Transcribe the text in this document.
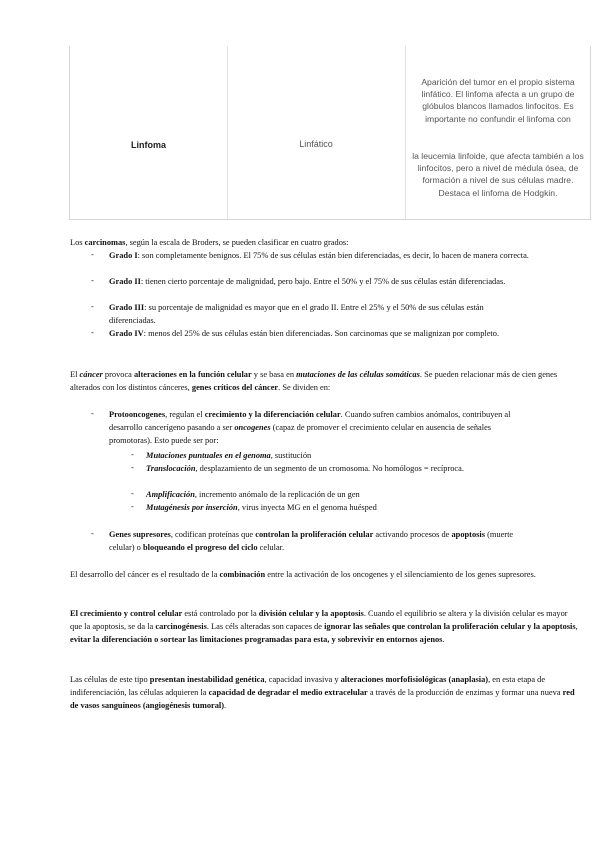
Linfoma	Linfático
Aparición del tumor en el propio sistema linfático. El linfoma afecta a un grupo de glóbulos blancos llamados linfocitos. Es importante no confundir el linfoma con
la leucemia linfoide, que afecta también a los linfocitos, pero a nivel de médula ósea, de formación a nivel de sus células madre. Destaca el linfoma de Hodgkin.
Los carcinomas, según la escala de Broders, se pueden clasificar en cuatro grados:
- Grado I: son completamente benignos. El 75% de sus células están bien diferenciadas, es decir, lo hacen de manera correcta.
- Grado II: tienen cierto porcentaje de malignidad, pero bajo. Entre el 50% y el 75% de sus células están diferenciadas.
- Grado III: su porcentaje de malignidad es mayor que en el grado II. Entre el 25% y el 50% de sus células están diferenciadas.
- Grado IV: menos del 25% de sus células están bien diferenciadas. Son carcinomas que se malignizan por completo.
El cáncer provoca alteraciones en la función celular y se basa en mutaciones de las células somáticas. Se pueden relacionar más de cien genes alterados con los distintos cánceres, genes críticos del cáncer. Se dividen en:
- Protooncogenes, regulan el crecimiento y la diferenciación celular. Cuando sufren cambios anómalos, contribuyen al desarrollo cancerígeno pasando a ser oncogenes (capaz de promover el crecimiento celular en ausencia de señales promotoras). Esto puede ser por:
- Mutaciones puntuales en el genoma, sustitución
- Translocación, desplazamiento de un segmento de un cromosoma. No homólogos = recíproca.
- Amplificación, incremento anómalo de la replicación de un gen
- Mutagénesis por inserción, virus inyecta MG en el genoma huésped
- Genes supresores, codifican proteínas que controlan la proliferación celular activando procesos de apoptosis (muerte celular) o bloqueando el progreso del ciclo celular.
El desarrollo del cáncer es el resultado de la combinación entre la activación de los oncogenes y el silenciamiento de los genes supresores.
El crecimiento y control celular está controlado por la división celular y la apoptosis. Cuando el equilibrio se altera y la división celular es mayor que la apoptosis, se da la carcinogénesis. Las céls alteradas son capaces de ignorar las señales que controlan la proliferación celular y la apoptosis, evitar la diferenciación o sortear las limitaciones programadas para esta, y sobrevivir en entornos ajenos.
Las células de este tipo presentan inestabilidad genética, capacidad invasiva y alteraciones morfofisiológicas (anaplasia), en esta etapa de indiferenciación, las células adquieren la capacidad de degradar el medio extracelular a través de la producción de enzimas y formar una nueva red de vasos sanguíneos (angiogénesis tumoral).
